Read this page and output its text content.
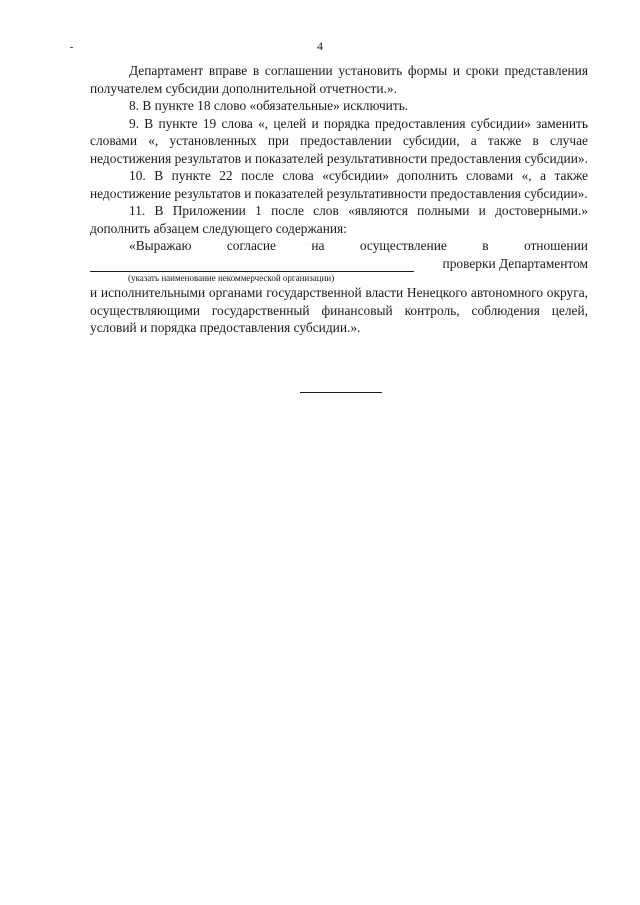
4

Департамент вправе в соглашении установить формы и сроки представления получателем субсидии дополнительной отчетности.».

8. В пункте 18 слово «обязательные» исключить.

9. В пункте 19 слова «, целей и порядка предоставления субсидии» заменить словами «, установленных при предоставлении субсидии, а также в случае недостижения результатов и показателей результативности предоставления субсидии».

10. В пункте 22 после слова «субсидии» дополнить словами «, а также недостижение результатов и показателей результативности предоставления субсидии».

11. В Приложении 1 после слов «являются полными и достоверными.» дополнить абзацем следующего содержания:

«Выражаю	согласие	на	осуществление	в	отношении
проверки Департаментом
(указать наименование некоммерческой организации)

и исполнительными органами государственной власти Ненецкого автономного округа, осуществляющими государственный финансовый контроль, соблюдения целей, условий и порядка предоставления субсидии.».
